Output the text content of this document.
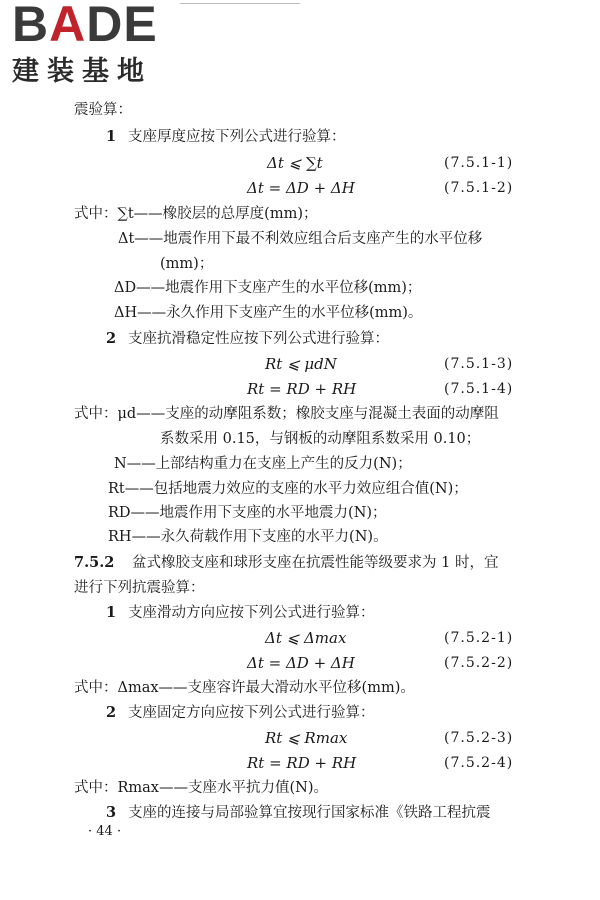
BADE
建装基地
震验算：
1 支座厚度应按下列公式进行验算：
Δt ⩽ ∑t	(7.5.1-1)
Δt = ΔD + ΔH	(7.5.1-2)
式中：∑t——橡胶层的总厚度(mm)；
Δt——地震作用下最不利效应组合后支座产生的水平位移
(mm)；
ΔD——地震作用下支座产生的水平位移(mm)；
ΔH——永久作用下支座产生的水平位移(mm)。
2 支座抗滑稳定性应按下列公式进行验算：
Rt ⩽ μdN	(7.5.1-3)
Rt = RD + RH	(7.5.1-4)
式中：μd——支座的动摩阻系数；橡胶支座与混凝土表面的动摩阻
系数采用 0.15，与钢板的动摩阻系数采用 0.10；
N——上部结构重力在支座上产生的反力(N)；
Rt——包括地震力效应的支座的水平力效应组合值(N)；
RD——地震作用下支座的水平地震力(N)；
RH——永久荷载作用下支座的水平力(N)。
7.5.2 盆式橡胶支座和球形支座在抗震性能等级要求为 1 时，宜
进行下列抗震验算：
1 支座滑动方向应按下列公式进行验算：
Δt ⩽ Δmax	(7.5.2-1)
Δt = ΔD + ΔH	(7.5.2-2)
式中：Δmax——支座容许最大滑动水平位移(mm)。
2 支座固定方向应按下列公式进行验算：
Rt ⩽ Rmax	(7.5.2-3)
Rt = RD + RH	(7.5.2-4)
式中：Rmax——支座水平抗力值(N)。
3 支座的连接与局部验算宜按现行国家标准《铁路工程抗震
· 44 ·
